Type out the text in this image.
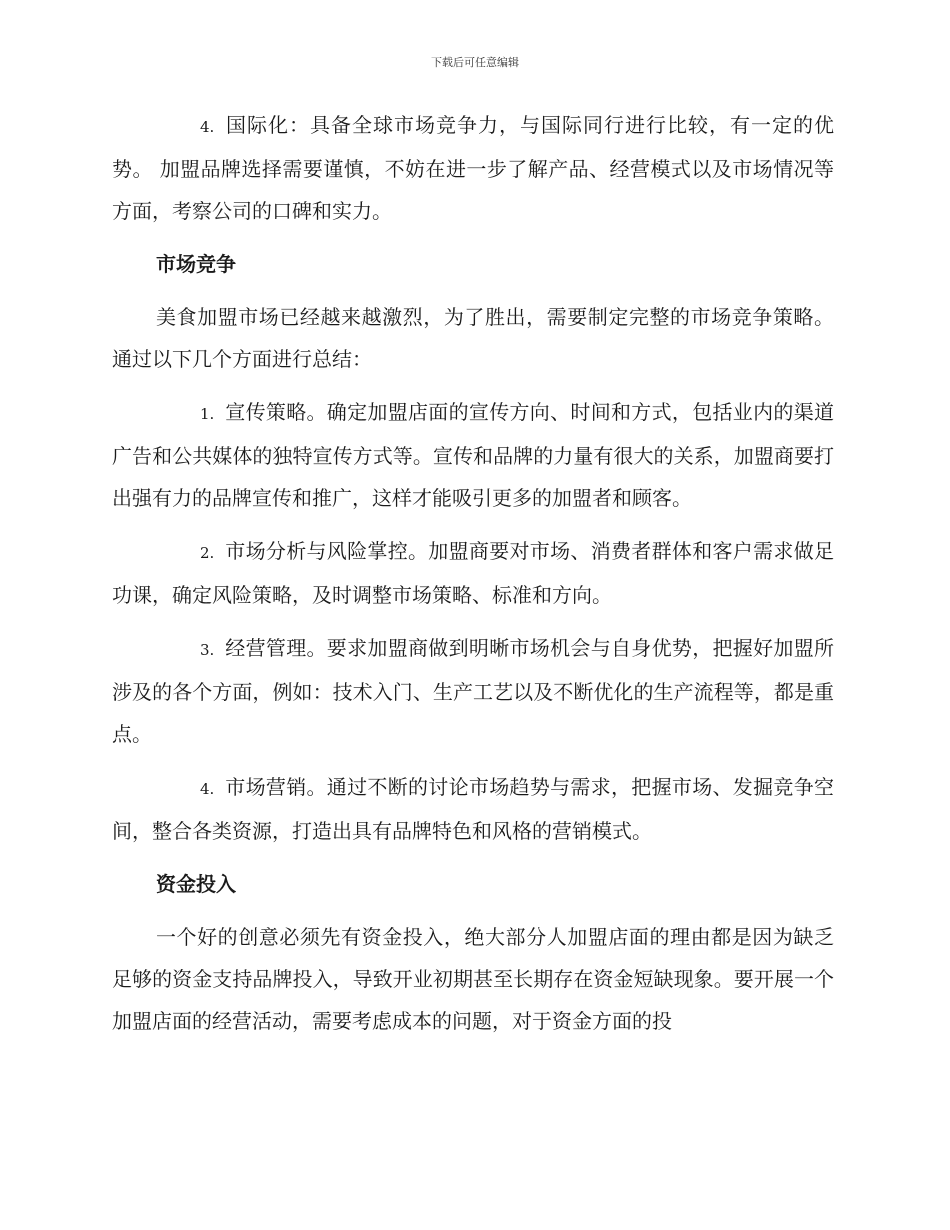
下载后可任意编辑

4. 国际化：具备全球市场竞争力，与国际同行进行比较，有一定的优势。 加盟品牌选择需要谨慎，不妨在进一步了解产品、经营模式以及市场情况等方面，考察公司的口碑和实力。

市场竞争

美食加盟市场已经越来越激烈，为了胜出，需要制定完整的市场竞争策略。通过以下几个方面进行总结：

1. 宣传策略。确定加盟店面的宣传方向、时间和方式，包括业内的渠道广告和公共媒体的独特宣传方式等。宣传和品牌的力量有很大的关系，加盟商要打出强有力的品牌宣传和推广，这样才能吸引更多的加盟者和顾客。

2. 市场分析与风险掌控。加盟商要对市场、消费者群体和客户需求做足功课，确定风险策略，及时调整市场策略、标准和方向。

3. 经营管理。要求加盟商做到明晰市场机会与自身优势，把握好加盟所涉及的各个方面，例如：技术入门、生产工艺以及不断优化的生产流程等，都是重点。

4. 市场营销。通过不断的讨论市场趋势与需求，把握市场、发掘竞争空间，整合各类资源，打造出具有品牌特色和风格的营销模式。

资金投入

一个好的创意必须先有资金投入，绝大部分人加盟店面的理由都是因为缺乏足够的资金支持品牌投入，导致开业初期甚至长期存在资金短缺现象。要开展一个加盟店面的经营活动，需要考虑成本的问题，对于资金方面的投
